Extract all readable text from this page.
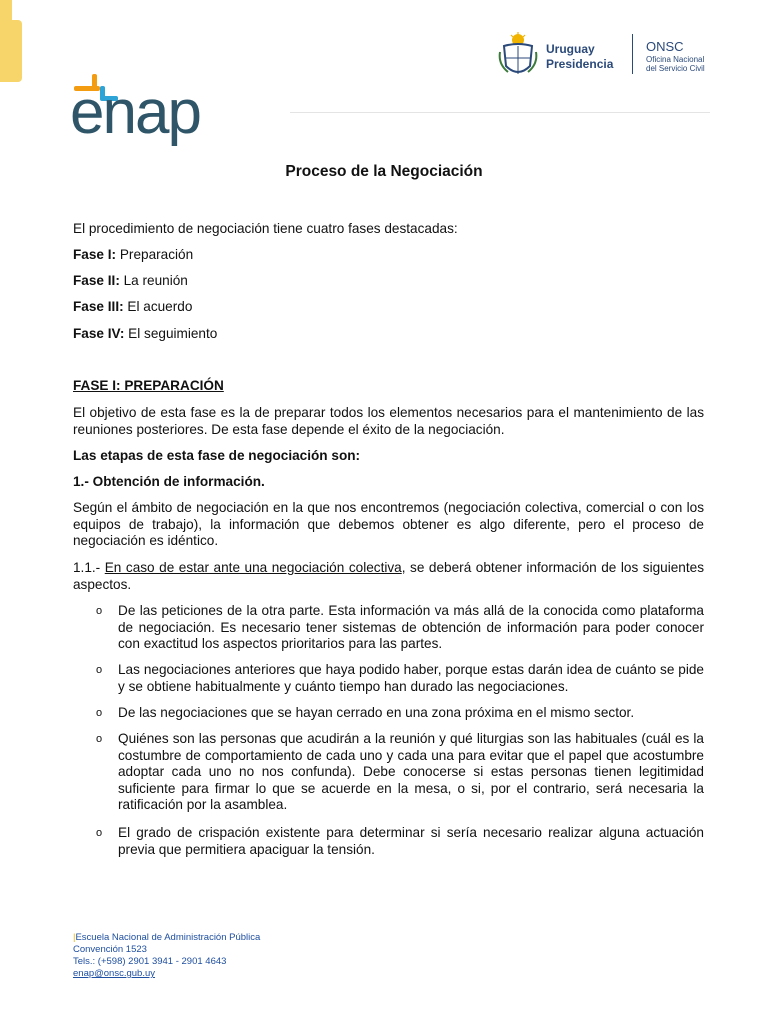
enap
Uruguay
Presidencia
ONSC
Oficina Nacional
del Servicio Civil
Proceso de la Negociación

El procedimiento de negociación tiene cuatro fases destacadas:

Fase I: Preparación

Fase II: La reunión

Fase III: El acuerdo

Fase IV: El seguimiento

FASE I: PREPARACIÓN

El objetivo de esta fase es la de preparar todos los elementos necesarios para el mantenimiento de las reuniones posteriores. De esta fase depende el éxito de la negociación.

Las etapas de esta fase de negociación son:

1.- Obtención de información.

Según el ámbito de negociación en la que nos encontremos (negociación colectiva, comercial o con los equipos de trabajo), la información que debemos obtener es algo diferente, pero el proceso de negociación es idéntico.

1.1.- En caso de estar ante una negociación colectiva, se deberá obtener información de los siguientes aspectos.

o De las peticiones de la otra parte. Esta información va más allá de la conocida como plataforma de negociación. Es necesario tener sistemas de obtención de información para poder conocer con exactitud los aspectos prioritarios para las partes.

o Las negociaciones anteriores que haya podido haber, porque estas darán idea de cuánto se pide y se obtiene habitualmente y cuánto tiempo han durado las negociaciones.

o De las negociaciones que se hayan cerrado en una zona próxima en el mismo sector.

o Quiénes son las personas que acudirán a la reunión y qué liturgias son las habituales (cuál es la costumbre de comportamiento de cada uno y cada una para evitar que el papel que acostumbre adoptar cada uno no nos confunda). Debe conocerse si estas personas tienen legitimidad suficiente para firmar lo que se acuerde en la mesa, o si, por el contrario, será necesaria la ratificación por la asamblea.

o El grado de crispación existente para determinar si sería necesario realizar alguna actuación previa que permitiera apaciguar la tensión.

|Escuela Nacional de Administración Pública
Convención 1523
Tels.: (+598) 2901 3941 - 2901 4643
enap@onsc.gub.uy
